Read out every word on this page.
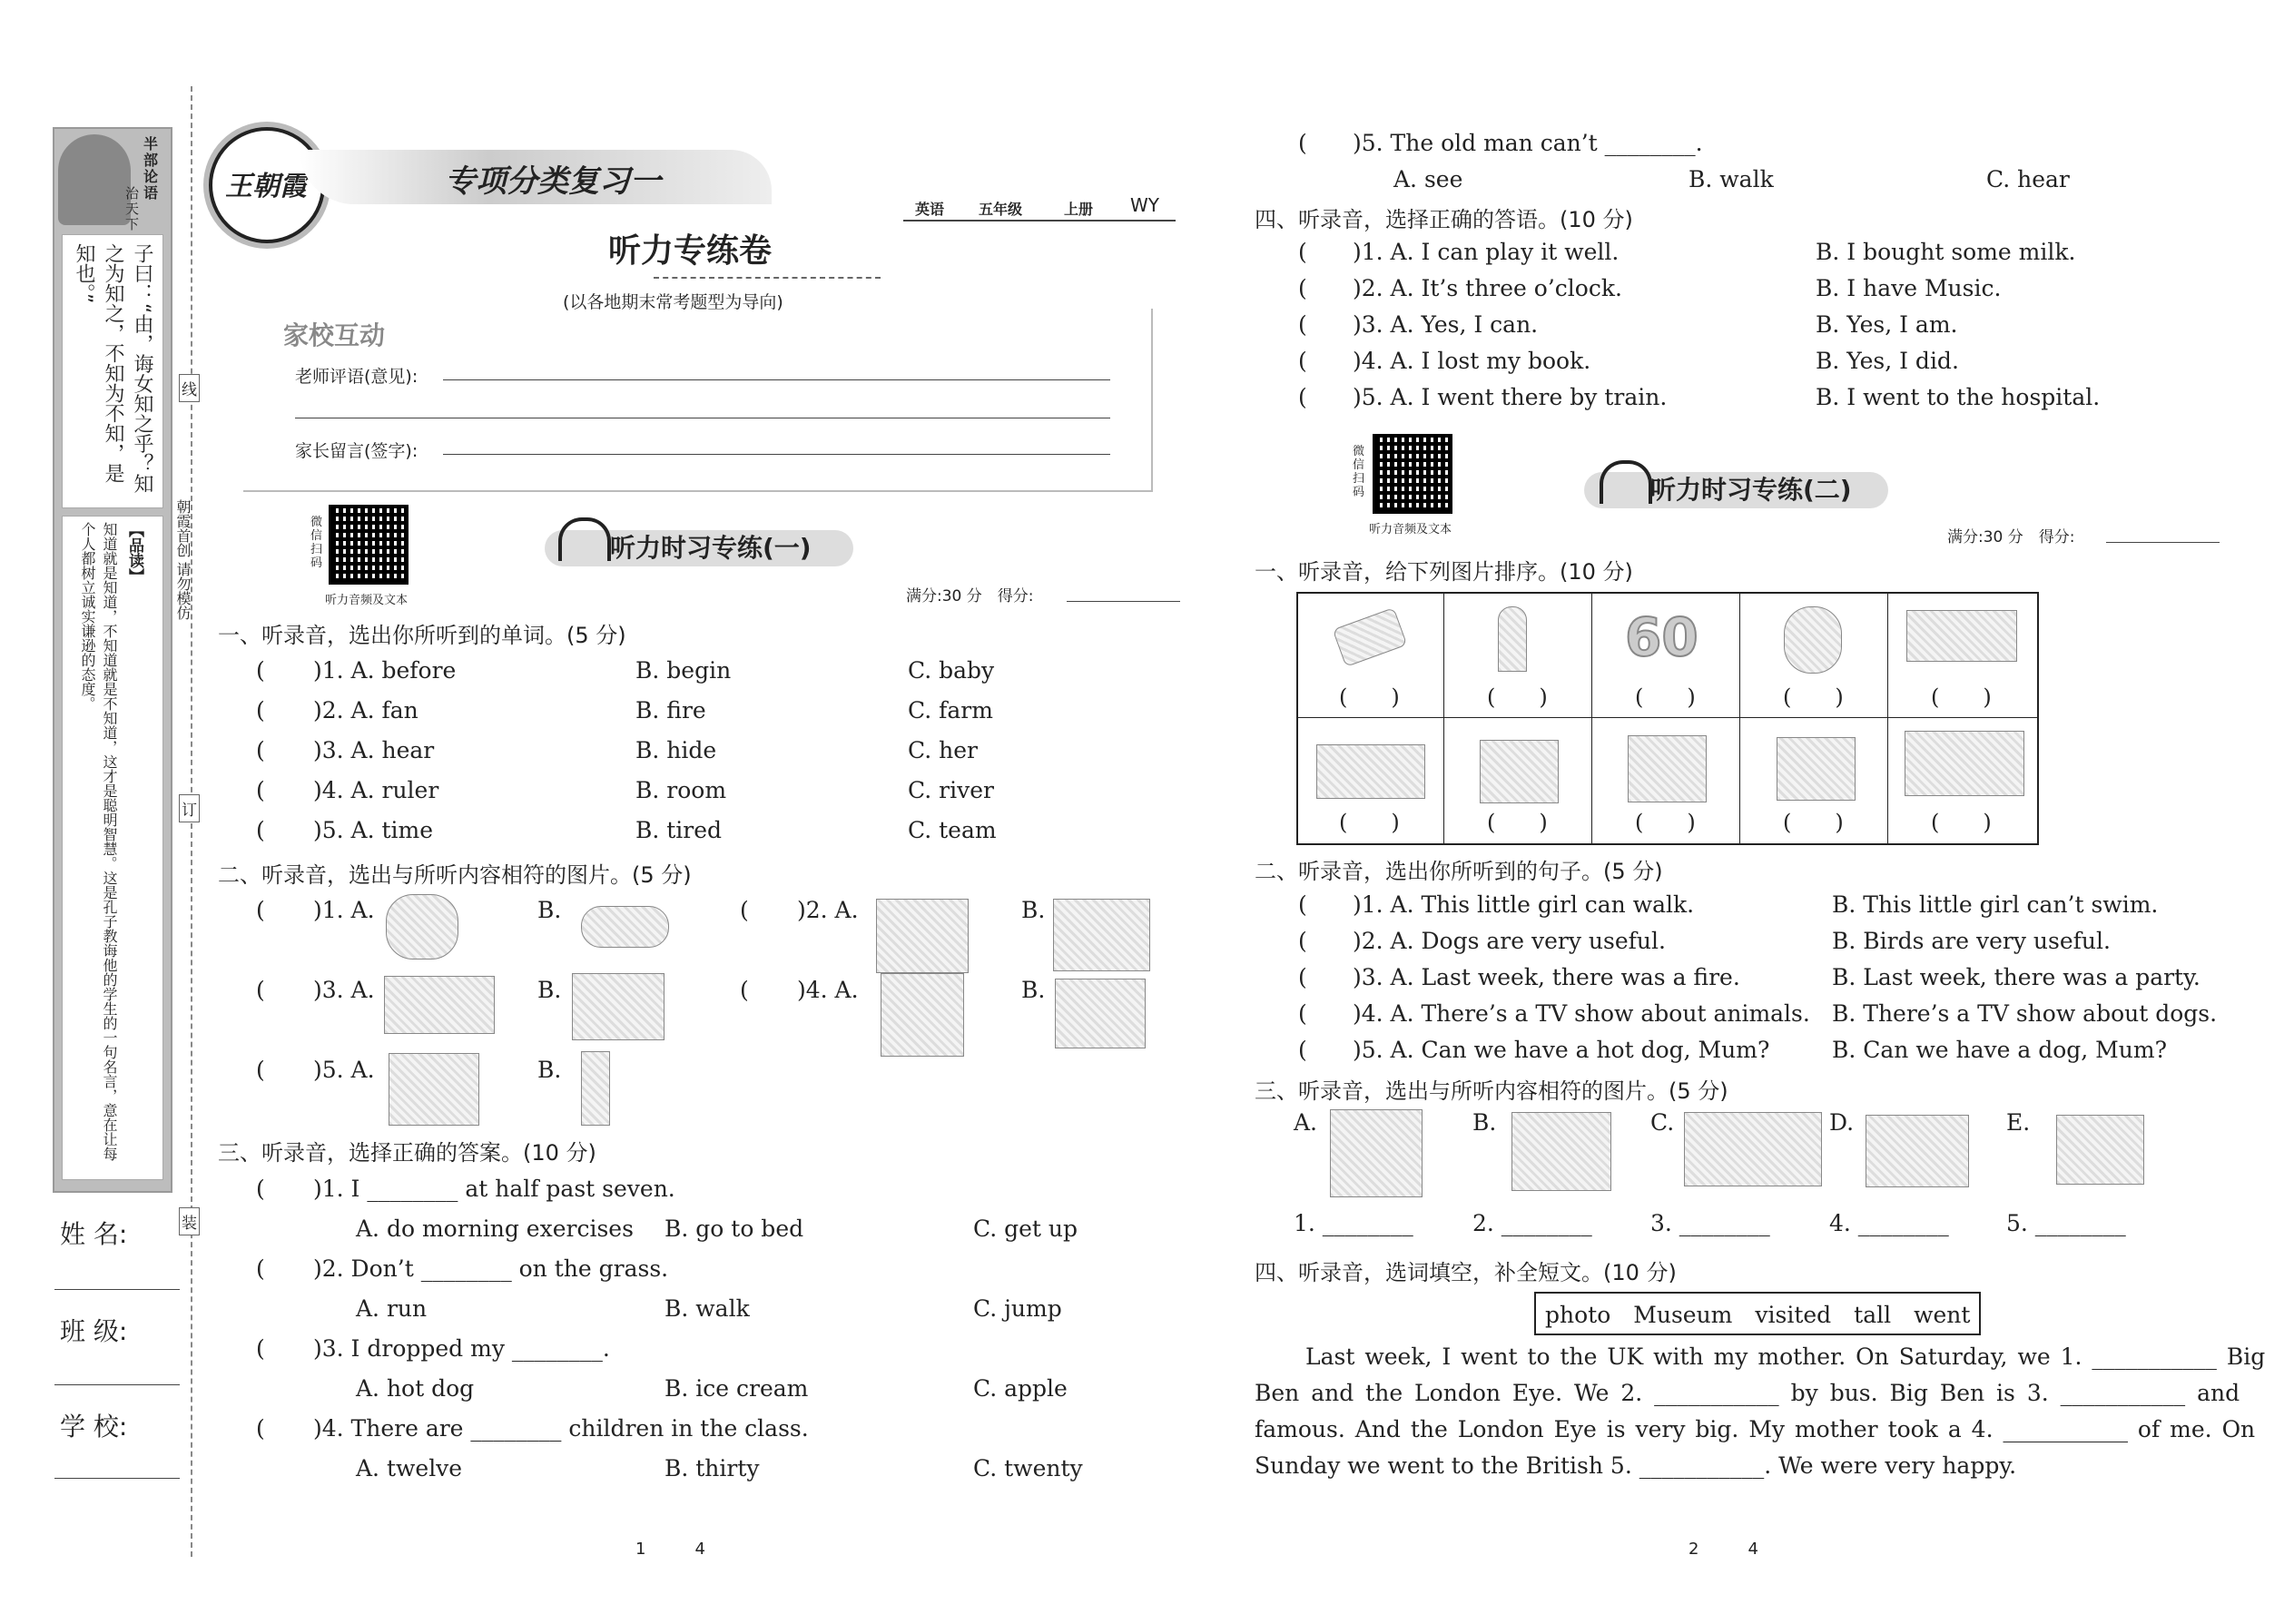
半部论语
治天下
子曰：“由，诲女知之乎？知之为知之，不知为不知，是知也。”
【品读】
知道就是知道，不知道就是不知道，这才是聪明智慧。这是孔子教诲他的学生的一句名言，意在让每个人都树立诚实谦逊的态度。
姓 名:
班 级:
学 校:
线
订
装
朝霞首创 请勿模仿
王朝霞	专项分类复习一
听力专练卷
(以各地期末常考题型为导向)
英语 五年级	上册 WY
家校互动
老师评语(意见):
家长留言(签字):
微信扫码
听力音频及文本
听力时习专练(一)
满分:30 分　得分:
一、听录音，选出你所听到的单词。(5 分)
( )1. A. before	B. begin	C. baby
( )2. A. fan	B. fire	C. farm
( )3. A. hear	B. hide	C. her
( )4. A. ruler	B. room	C. river
( )5. A. time	B. tired	C. team
二、听录音，选出与所听内容相符的图片。(5 分)
( )1. A.	B.	( )2. A.	B.
( )3. A.	B.	( )4. A.	B.
( )5. A.	B.
三、听录音，选择正确的答案。(10 分)
( )1. I ________ at half past seven.
A. do morning exercises B. go to bed	C. get up
( )2. Don’t ________ on the grass.
A. run	B. walk	C. jump
( )3. I dropped my ________.
A. hot dog	B. ice cream	C. apple
( )4. There are ________ children in the class.
A. twelve	B. thirty	C. twenty
1　　　4
( )5. The old man can’t ________.
A. see	B. walk	C. hear
四、听录音，选择正确的答语。(10 分)
( )1. A. I can play it well.	B. I bought some milk.
( )2. A. It’s three o’clock.	B. I have Music.
( )3. A. Yes, I can.	B. Yes, I am.
( )4. A. I lost my book.	B. Yes, I did.
( )5. A. I went there by train.	B. I went to the hospital.
微信扫码
听力音频及文本
听力时习专练(二)
满分:30 分　得分:
一、听录音，给下列图片排序。(10 分)
60
(　　)	(　　)	(　　)	(　　)	(　　)
(　　)	(　　)	(　　)	(　　)	(　　)
二、听录音，选出你所听到的句子。(5 分)
( )1. A. This little girl can walk.	B. This little girl can’t swim.
( )2. A. Dogs are very useful.	B. Birds are very useful.
( )3. A. Last week, there was a fire.	B. Last week, there was a party.
( )4. A. There’s a TV show about animals. B. There’s a TV show about dogs.
( )5. A. Can we have a hot dog, Mum?	B. Can we have a dog, Mum?
三、听录音，选出与所听内容相符的图片。(5 分)
A.	B.	C.	D.	E.
1. ________	2. ________	3. ________	4. ________	5. ________
四、听录音，选词填空，补全短文。(10 分)
photo　Museum　visited　tall　went
Last week, I went to the UK with my mother. On Saturday, we 1. ___________ Big
Ben and the London Eye. We 2. ___________ by bus. Big Ben is 3. ___________ and
famous. And the London Eye is very big. My mother took a 4. ___________ of me. On
Sunday we went to the British 5. ___________. We were very happy.
2　　　4
